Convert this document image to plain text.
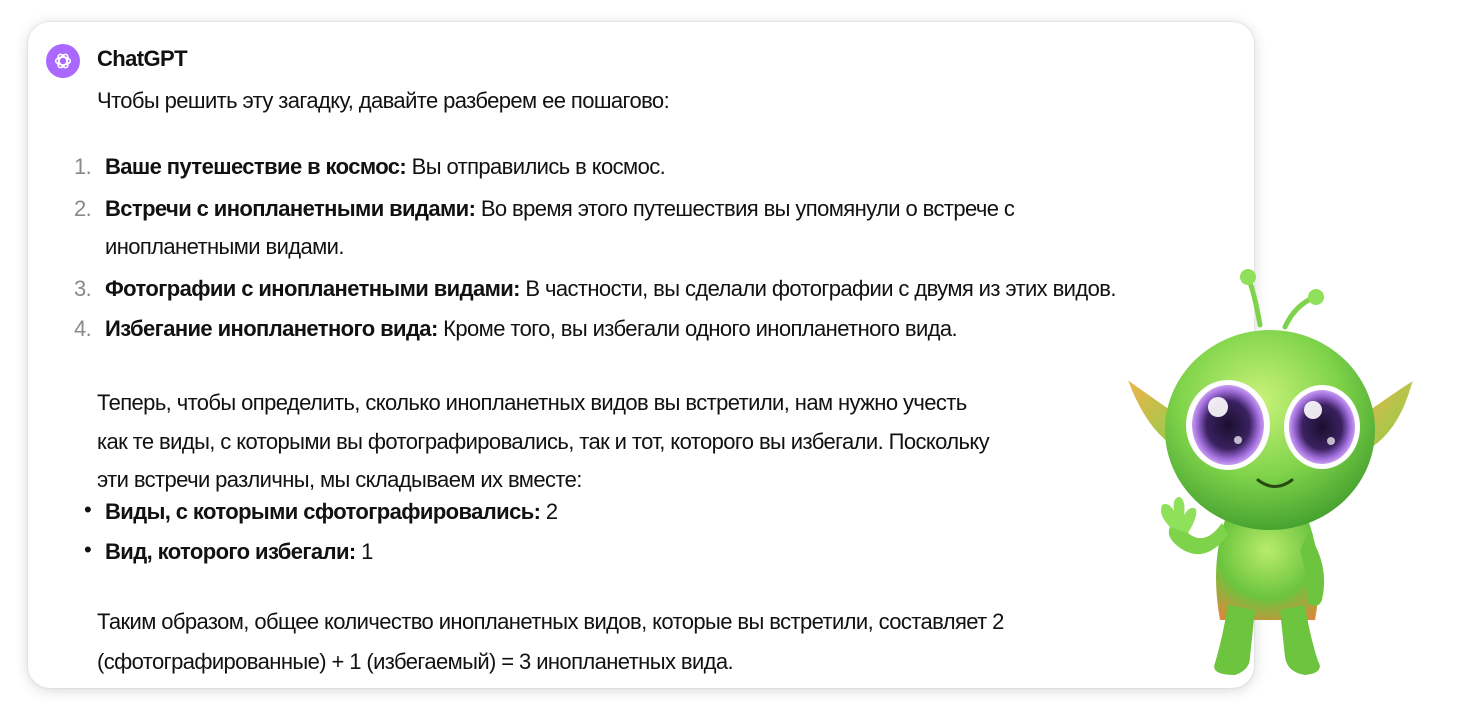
ChatGPT
Чтобы решить эту загадку, давайте разберем ее пошагово:
1. Ваше путешествие в космос: Вы отправились в космос.
2. Встречи с инопланетными видами: Во время этого путешествия вы упомянули о встрече с
инопланетными видами.
3. Фотографии с инопланетными видами: В частности, вы сделали фотографии с двумя из этих видов.
4. Избегание инопланетного вида: Кроме того, вы избегали одного инопланетного вида.
Теперь, чтобы определить, сколько инопланетных видов вы встретили, нам нужно учесть
как те виды, с которыми вы фотографировались, так и тот, которого вы избегали. Поскольку
эти встречи различны, мы складываем их вместе:
• Виды, с которыми сфотографировались: 2
• Вид, которого избегали: 1
Таким образом, общее количество инопланетных видов, которые вы встретили, составляет 2
(сфотографированные) + 1 (избегаемый) = 3 инопланетных вида.
